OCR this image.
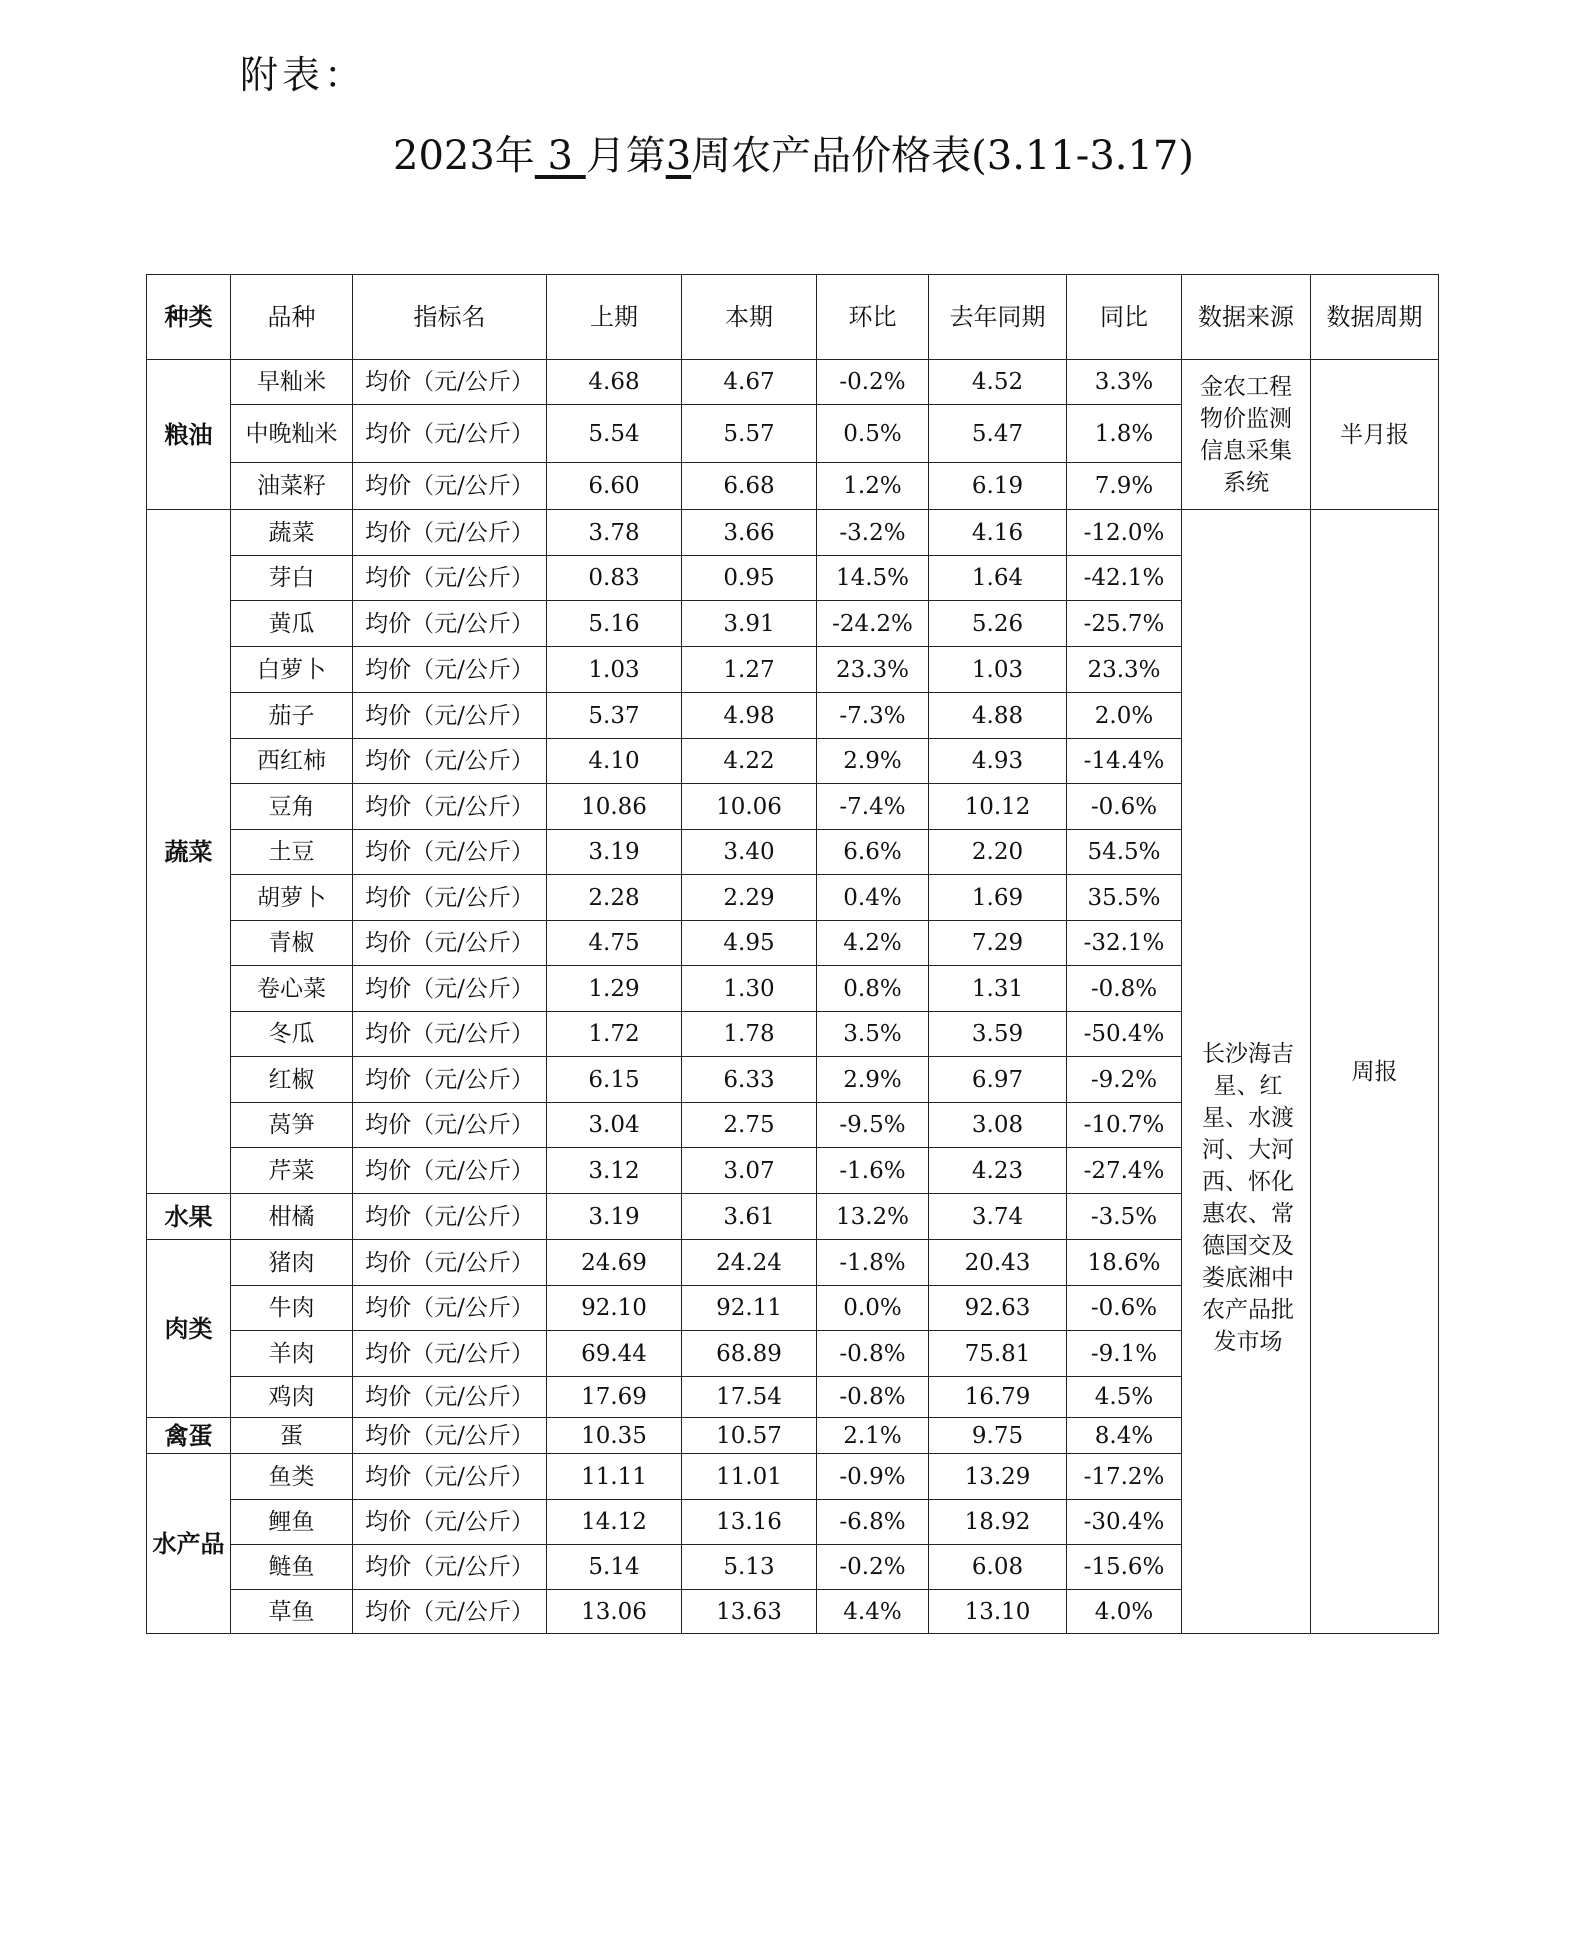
附表：
2023年 3 月第3周农产品价格表(3.11-3.17)
种类	品种	指标名	上期	本期	环比	去年同期	同比	数据来源	数据周期
粮油	早籼米	均价（元/公斤）	4.68	4.67	-0.2%	4.52	3.3%	金农工程物价监测信息采集系统	半月报
	中晚籼米	均价（元/公斤）	5.54	5.57	0.5%	5.47	1.8%		
	油菜籽	均价（元/公斤）	6.60	6.68	1.2%	6.19	7.9%		
蔬菜	蔬菜	均价（元/公斤）	3.78	3.66	-3.2%	4.16	-12.0%	长沙海吉星、红星、水渡河、大河西、怀化惠农、常德国交及娄底湘中农产品批发市场	周报
	芽白	均价（元/公斤）	0.83	0.95	14.5%	1.64	-42.1%		
	黄瓜	均价（元/公斤）	5.16	3.91	-24.2%	5.26	-25.7%		
	白萝卜	均价（元/公斤）	1.03	1.27	23.3%	1.03	23.3%		
	茄子	均价（元/公斤）	5.37	4.98	-7.3%	4.88	2.0%		
	西红柿	均价（元/公斤）	4.10	4.22	2.9%	4.93	-14.4%		
	豆角	均价（元/公斤）	10.86	10.06	-7.4%	10.12	-0.6%		
	土豆	均价（元/公斤）	3.19	3.40	6.6%	2.20	54.5%		
	胡萝卜	均价（元/公斤）	2.28	2.29	0.4%	1.69	35.5%		
	青椒	均价（元/公斤）	4.75	4.95	4.2%	7.29	-32.1%		
	卷心菜	均价（元/公斤）	1.29	1.30	0.8%	1.31	-0.8%		
	冬瓜	均价（元/公斤）	1.72	1.78	3.5%	3.59	-50.4%		
	红椒	均价（元/公斤）	6.15	6.33	2.9%	6.97	-9.2%		
	莴笋	均价（元/公斤）	3.04	2.75	-9.5%	3.08	-10.7%		
	芹菜	均价（元/公斤）	3.12	3.07	-1.6%	4.23	-27.4%		
水果	柑橘	均价（元/公斤）	3.19	3.61	13.2%	3.74	-3.5%		
肉类	猪肉	均价（元/公斤）	24.69	24.24	-1.8%	20.43	18.6%		
	牛肉	均价（元/公斤）	92.10	92.11	0.0%	92.63	-0.6%		
	羊肉	均价（元/公斤）	69.44	68.89	-0.8%	75.81	-9.1%		
	鸡肉	均价（元/公斤）	17.69	17.54	-0.8%	16.79	4.5%		
禽蛋	蛋	均价（元/公斤）	10.35	10.57	2.1%	9.75	8.4%		
水产品	鱼类	均价（元/公斤）	11.11	11.01	-0.9%	13.29	-17.2%		
	鲤鱼	均价（元/公斤）	14.12	13.16	-6.8%	18.92	-30.4%		
	鲢鱼	均价（元/公斤）	5.14	5.13	-0.2%	6.08	-15.6%		
	草鱼	均价（元/公斤）	13.06	13.63	4.4%	13.10	4.0%		
